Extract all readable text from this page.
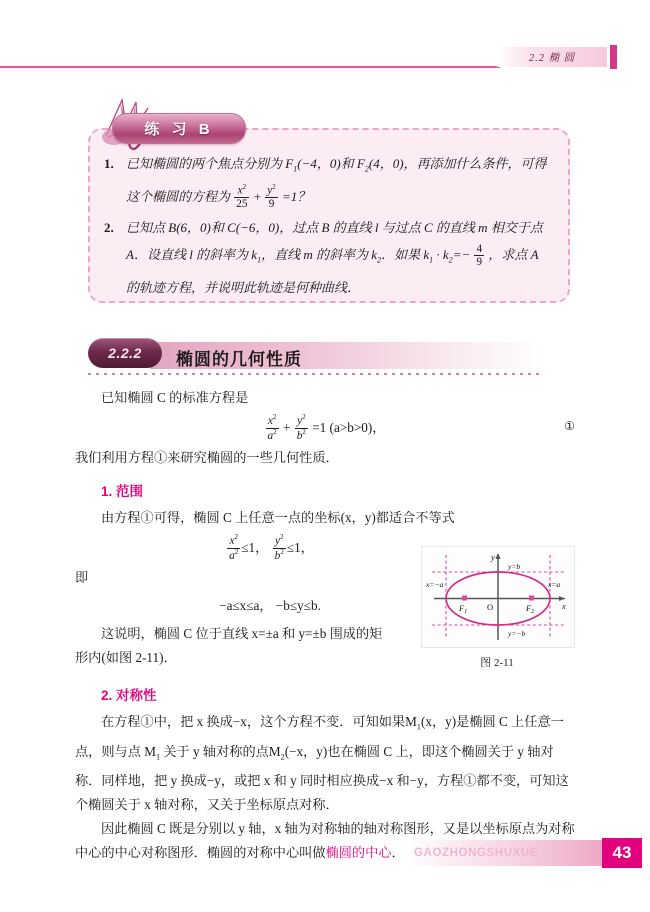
2.2 椭 圆
练 习 B
1. 已知椭圆的两个焦点分别为 $F_1(-4$，0)和 $F_2(4$，0)，再添加什么条件，可得
这个椭圆的方程为 $\frac{x^2}{25} + \frac{y^2}{9} =1$？
2. 已知点 B(6，0)和 C(−6，0)，过点 B 的直线 l 与过点 C 的直线 m 相交于点
A．设直线 l 的斜率为 $k_1$，直线 m 的斜率为 $k_2$．如果 $k_1 \cdot k_2=- \frac{4}{9}$ ，求点 A
的轨迹方程，并说明此轨迹是何种曲线．
2.2.2 椭圆的几何性质
已知椭圆 C 的标准方程是
$\frac{x^2}{a^2} + \frac{y^2}{b^2} =1$ (a>b>0)，	①
我们利用方程①来研究椭圆的一些几何性质．
1. 范围
由方程①可得，椭圆 C 上任意一点的坐标(x，y)都适合不等式
$\frac{x^2}{a^2} \le 1$， $\frac{y^2}{b^2} \le 1$，
即
−a≤x≤a， −b≤y≤b.
这说明，椭圆 C 位于直线 x=±a 和 y=±b 围成的矩
形内(如图 2-11)．
2. 对称性
在方程①中，把 x 换成−x，这个方程不变．可知如果$M_1(x$，y)是椭圆 C 上任意一点，则与点 $M_1$ 关于 y 轴对称的点$M_2(-x$，y)也在椭圆 C 上，即这个椭圆关于 y 轴对称．同样地，把 y 换成−y，或把 x 和 y 同时相应换成−x 和−y，方程①都不变，可知这个椭圆关于 x 轴对称，又关于坐标原点对称．
因此椭圆 C 既是分别以 y 轴，x 轴为对称轴的轴对称图形，又是以坐标原点为对称中心的中心对称图形．椭圆的对称中心叫做椭圆的中心．
y
x
O
$F_1$	$F_2$
x=−a	x=a
y=b
y=−b
图 2-11
GAOZHONGSHUXUE	43
